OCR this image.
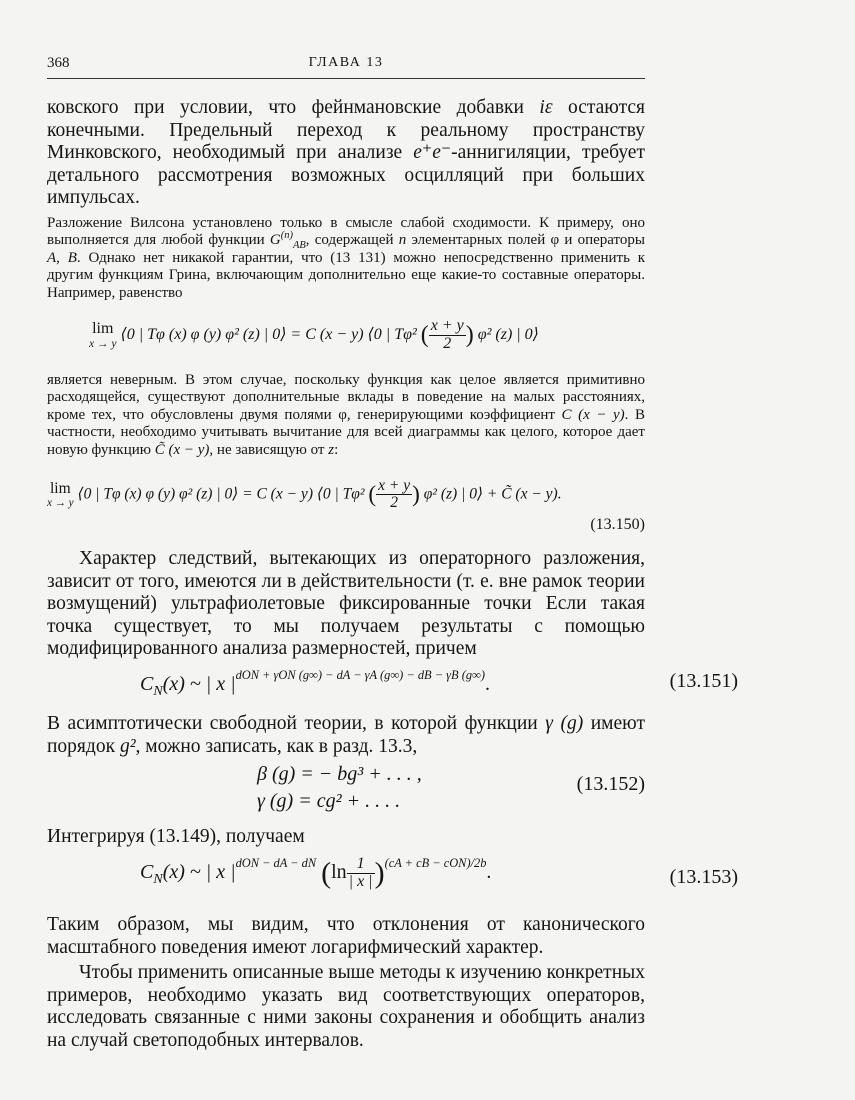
368	ГЛАВА 13

ковского при условии, что фейнмановские добавки iε остаются конечными. Предельный переход к реальному пространству Минковского, необходимый при анализе e⁺e⁻-аннигиляции, требует детального рассмотрения возможных осцилляций при больших импульсах.

Разложение Вилсона установлено только в смысле слабой сходимости. К примеру, оно выполняется для любой функции $G^{(n)}_{AB}$, содержащей n элементарных полей φ и операторы A, B. Однако нет никакой гарантии, что (13 131) можно непосредственно применить к другим функциям Грина, включающим дополнительно еще какие-то составные операторы. Например, равенство

lim
x → y
⟨0 | Tφ (x) φ (y) φ² (z) | 0⟩ = C (x − y) ⟨0 | Tφ² ( $\frac{x + y}{2}$ ) φ² (z) | 0⟩

является неверным. В этом случае, поскольку функция как целое является примитивно расходящейся, существуют дополнительные вклады в поведение на малых расстояниях, кроме тех, что обусловлены двумя полями φ, генерирующими коэффициент C (x − y). В частности, необходимо учитывать вычитание для всей диаграммы как целого, которое дает новую функцию C̃ (x − y), не зависящую от z:

lim
x → y
⟨0 | Tφ (x) φ (y) φ² (z) | 0⟩ = C (x − y) ⟨0 | Tφ² ( $\frac{x + y}{2}$ ) φ² (z) | 0⟩ + C̃ (x − y).
(13.150)

Характер следствий, вытекающих из операторного разложения, зависит от того, имеются ли в действительности (т. е. вне рамок теории возмущений) ультрафиолетовые фиксированные точки Если такая точка существует, то мы получаем результаты с помощью модифицированного анализа размерностей, причем

$C_N(x)$ ~ | x $|^{dON + \gamma ON (g\infty) - dA - \gamma A (g\infty) - dB - \gamma B (g\infty)}$.	(13.151)

В асимптотически свободной теории, в которой функции γ (g) имеют порядок g², можно записать, как в разд. 13.3,

β (g) = − bg³ + . . . ,
γ (g) = cg² + . . . .
(13.152)

Интегрируя (13.149), получаем

$C_N(x)$ ~ | x $|^{dON - dA - dN}$ $(\ln \frac{1}{| x |} )^{(cA + cB - cON)/2b}$.	(13.153)

Таким образом, мы видим, что отклонения от канонического масштабного поведения имеют логарифмический характер.

Чтобы применить описанные выше методы к изучению конкретных примеров, необходимо указать вид соответствующих операторов, исследовать связанные с ними законы сохранения и обобщить анализ на случай светоподобных интервалов.
